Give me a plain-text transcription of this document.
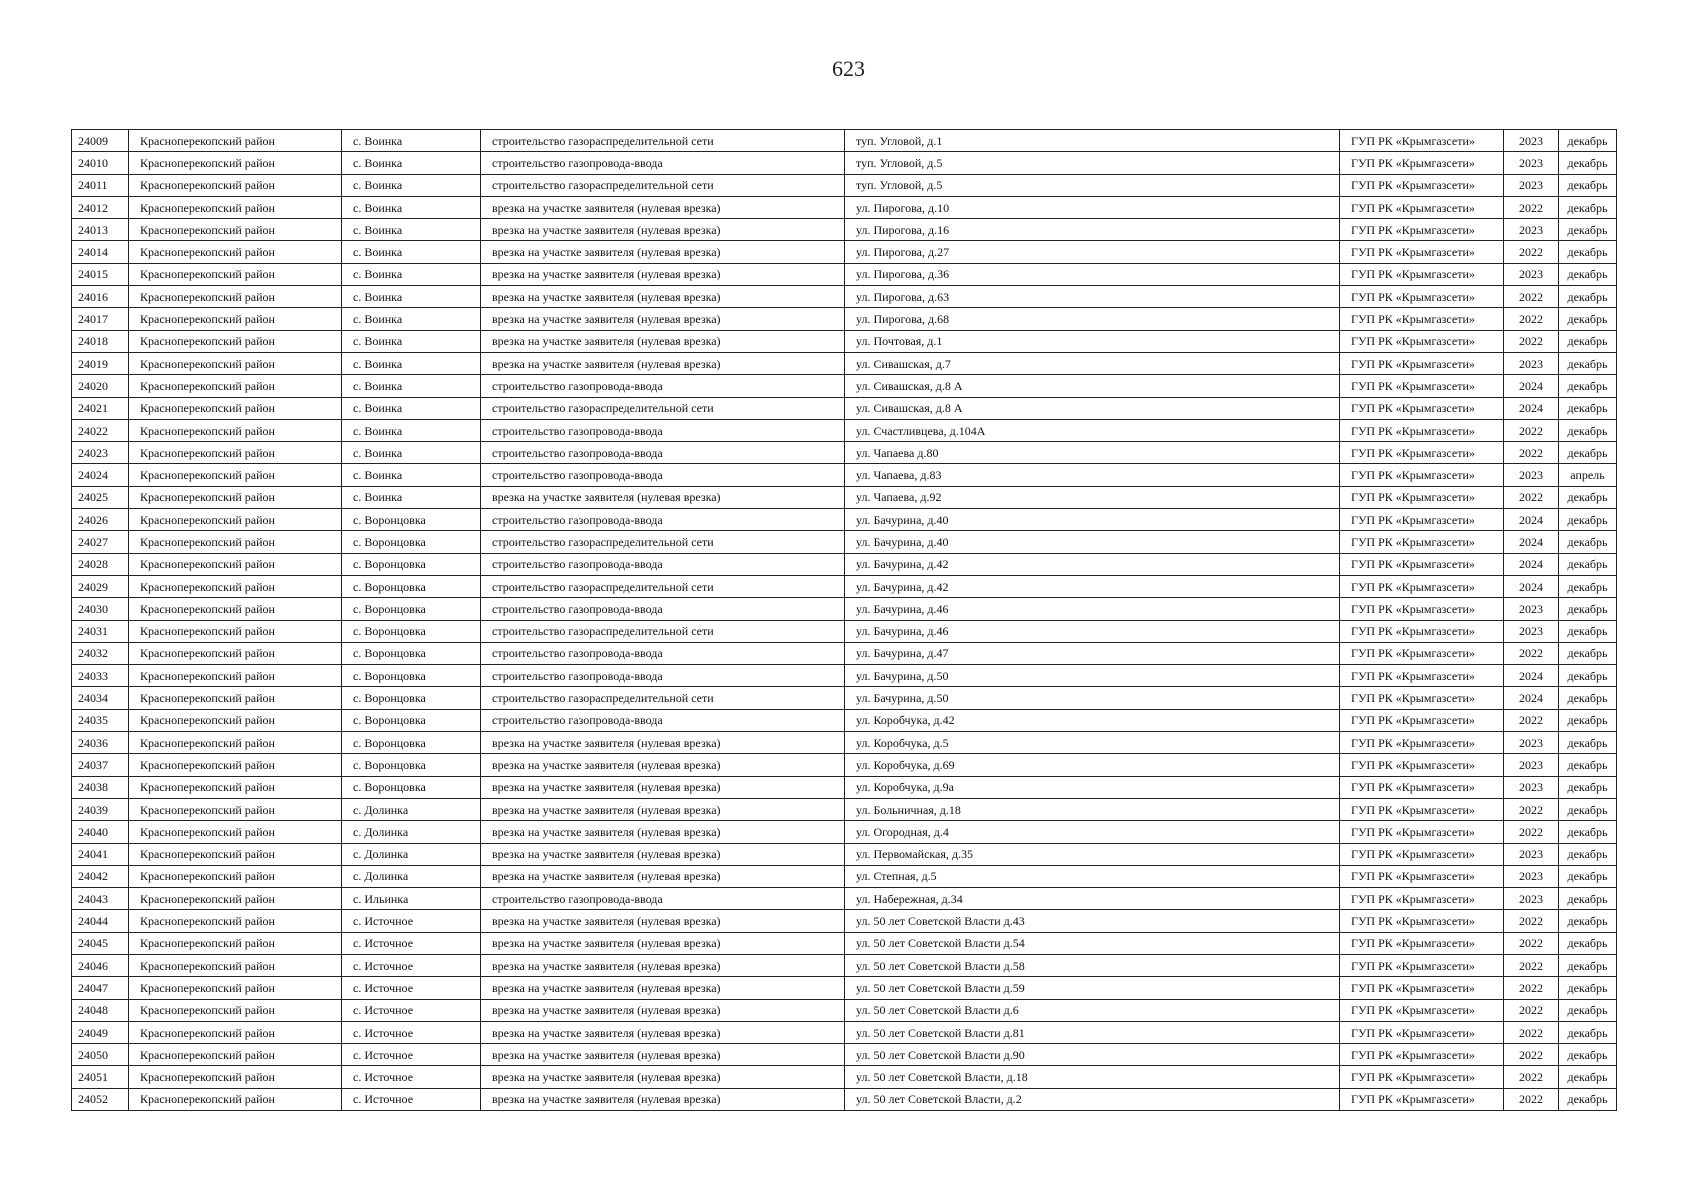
623
24009	Красноперекопский район	с. Воинка	строительство газораспределительной сети	туп. Угловой, д.1	ГУП РК «Крымгазсети»	2023	декабрь
24010	Красноперекопский район	с. Воинка	строительство газопровода-ввода	туп. Угловой, д.5	ГУП РК «Крымгазсети»	2023	декабрь
24011	Красноперекопский район	с. Воинка	строительство газораспределительной сети	туп. Угловой, д.5	ГУП РК «Крымгазсети»	2023	декабрь
24012	Красноперекопский район	с. Воинка	врезка на участке заявителя (нулевая врезка)	ул. Пирогова, д.10	ГУП РК «Крымгазсети»	2022	декабрь
24013	Красноперекопский район	с. Воинка	врезка на участке заявителя (нулевая врезка)	ул. Пирогова, д.16	ГУП РК «Крымгазсети»	2023	декабрь
24014	Красноперекопский район	с. Воинка	врезка на участке заявителя (нулевая врезка)	ул. Пирогова, д.27	ГУП РК «Крымгазсети»	2022	декабрь
24015	Красноперекопский район	с. Воинка	врезка на участке заявителя (нулевая врезка)	ул. Пирогова, д.36	ГУП РК «Крымгазсети»	2023	декабрь
24016	Красноперекопский район	с. Воинка	врезка на участке заявителя (нулевая врезка)	ул. Пирогова, д.63	ГУП РК «Крымгазсети»	2022	декабрь
24017	Красноперекопский район	с. Воинка	врезка на участке заявителя (нулевая врезка)	ул. Пирогова, д.68	ГУП РК «Крымгазсети»	2022	декабрь
24018	Красноперекопский район	с. Воинка	врезка на участке заявителя (нулевая врезка)	ул. Почтовая, д.1	ГУП РК «Крымгазсети»	2022	декабрь
24019	Красноперекопский район	с. Воинка	врезка на участке заявителя (нулевая врезка)	ул. Сивашская, д.7	ГУП РК «Крымгазсети»	2023	декабрь
24020	Красноперекопский район	с. Воинка	строительство газопровода-ввода	ул. Сивашская, д.8 А	ГУП РК «Крымгазсети»	2024	декабрь
24021	Красноперекопский район	с. Воинка	строительство газораспределительной сети	ул. Сивашская, д.8 А	ГУП РК «Крымгазсети»	2024	декабрь
24022	Красноперекопский район	с. Воинка	строительство газопровода-ввода	ул. Счастливцева, д.104А	ГУП РК «Крымгазсети»	2022	декабрь
24023	Красноперекопский район	с. Воинка	строительство газопровода-ввода	ул. Чапаева д.80	ГУП РК «Крымгазсети»	2022	декабрь
24024	Красноперекопский район	с. Воинка	строительство газопровода-ввода	ул. Чапаева, д.83	ГУП РК «Крымгазсети»	2023	апрель
24025	Красноперекопский район	с. Воинка	врезка на участке заявителя (нулевая врезка)	ул. Чапаева, д.92	ГУП РК «Крымгазсети»	2022	декабрь
24026	Красноперекопский район	с. Воронцовка	строительство газопровода-ввода	ул. Бачурина, д.40	ГУП РК «Крымгазсети»	2024	декабрь
24027	Красноперекопский район	с. Воронцовка	строительство газораспределительной сети	ул. Бачурина, д.40	ГУП РК «Крымгазсети»	2024	декабрь
24028	Красноперекопский район	с. Воронцовка	строительство газопровода-ввода	ул. Бачурина, д.42	ГУП РК «Крымгазсети»	2024	декабрь
24029	Красноперекопский район	с. Воронцовка	строительство газораспределительной сети	ул. Бачурина, д.42	ГУП РК «Крымгазсети»	2024	декабрь
24030	Красноперекопский район	с. Воронцовка	строительство газопровода-ввода	ул. Бачурина, д.46	ГУП РК «Крымгазсети»	2023	декабрь
24031	Красноперекопский район	с. Воронцовка	строительство газораспределительной сети	ул. Бачурина, д.46	ГУП РК «Крымгазсети»	2023	декабрь
24032	Красноперекопский район	с. Воронцовка	строительство газопровода-ввода	ул. Бачурина, д.47	ГУП РК «Крымгазсети»	2022	декабрь
24033	Красноперекопский район	с. Воронцовка	строительство газопровода-ввода	ул. Бачурина, д.50	ГУП РК «Крымгазсети»	2024	декабрь
24034	Красноперекопский район	с. Воронцовка	строительство газораспределительной сети	ул. Бачурина, д.50	ГУП РК «Крымгазсети»	2024	декабрь
24035	Красноперекопский район	с. Воронцовка	строительство газопровода-ввода	ул. Коробчука, д.42	ГУП РК «Крымгазсети»	2022	декабрь
24036	Красноперекопский район	с. Воронцовка	врезка на участке заявителя (нулевая врезка)	ул. Коробчука, д.5	ГУП РК «Крымгазсети»	2023	декабрь
24037	Красноперекопский район	с. Воронцовка	врезка на участке заявителя (нулевая врезка)	ул. Коробчука, д.69	ГУП РК «Крымгазсети»	2023	декабрь
24038	Красноперекопский район	с. Воронцовка	врезка на участке заявителя (нулевая врезка)	ул. Коробчука, д.9а	ГУП РК «Крымгазсети»	2023	декабрь
24039	Красноперекопский район	с. Долинка	врезка на участке заявителя (нулевая врезка)	ул. Больничная, д.18	ГУП РК «Крымгазсети»	2022	декабрь
24040	Красноперекопский район	с. Долинка	врезка на участке заявителя (нулевая врезка)	ул. Огородная, д.4	ГУП РК «Крымгазсети»	2022	декабрь
24041	Красноперекопский район	с. Долинка	врезка на участке заявителя (нулевая врезка)	ул. Первомайская, д.35	ГУП РК «Крымгазсети»	2023	декабрь
24042	Красноперекопский район	с. Долинка	врезка на участке заявителя (нулевая врезка)	ул. Степная, д.5	ГУП РК «Крымгазсети»	2023	декабрь
24043	Красноперекопский район	с. Ильинка	строительство газопровода-ввода	ул. Набережная, д.34	ГУП РК «Крымгазсети»	2023	декабрь
24044	Красноперекопский район	с. Источное	врезка на участке заявителя (нулевая врезка)	ул. 50 лет Советской Власти д.43	ГУП РК «Крымгазсети»	2022	декабрь
24045	Красноперекопский район	с. Источное	врезка на участке заявителя (нулевая врезка)	ул. 50 лет Советской Власти д.54	ГУП РК «Крымгазсети»	2022	декабрь
24046	Красноперекопский район	с. Источное	врезка на участке заявителя (нулевая врезка)	ул. 50 лет Советской Власти д.58	ГУП РК «Крымгазсети»	2022	декабрь
24047	Красноперекопский район	с. Источное	врезка на участке заявителя (нулевая врезка)	ул. 50 лет Советской Власти д.59	ГУП РК «Крымгазсети»	2022	декабрь
24048	Красноперекопский район	с. Источное	врезка на участке заявителя (нулевая врезка)	ул. 50 лет Советской Власти д.6	ГУП РК «Крымгазсети»	2022	декабрь
24049	Красноперекопский район	с. Источное	врезка на участке заявителя (нулевая врезка)	ул. 50 лет Советской Власти д.81	ГУП РК «Крымгазсети»	2022	декабрь
24050	Красноперекопский район	с. Источное	врезка на участке заявителя (нулевая врезка)	ул. 50 лет Советской Власти д.90	ГУП РК «Крымгазсети»	2022	декабрь
24051	Красноперекопский район	с. Источное	врезка на участке заявителя (нулевая врезка)	ул. 50 лет Советской Власти, д.18	ГУП РК «Крымгазсети»	2022	декабрь
24052	Красноперекопский район	с. Источное	врезка на участке заявителя (нулевая врезка)	ул. 50 лет Советской Власти, д.2	ГУП РК «Крымгазсети»	2022	декабрь
